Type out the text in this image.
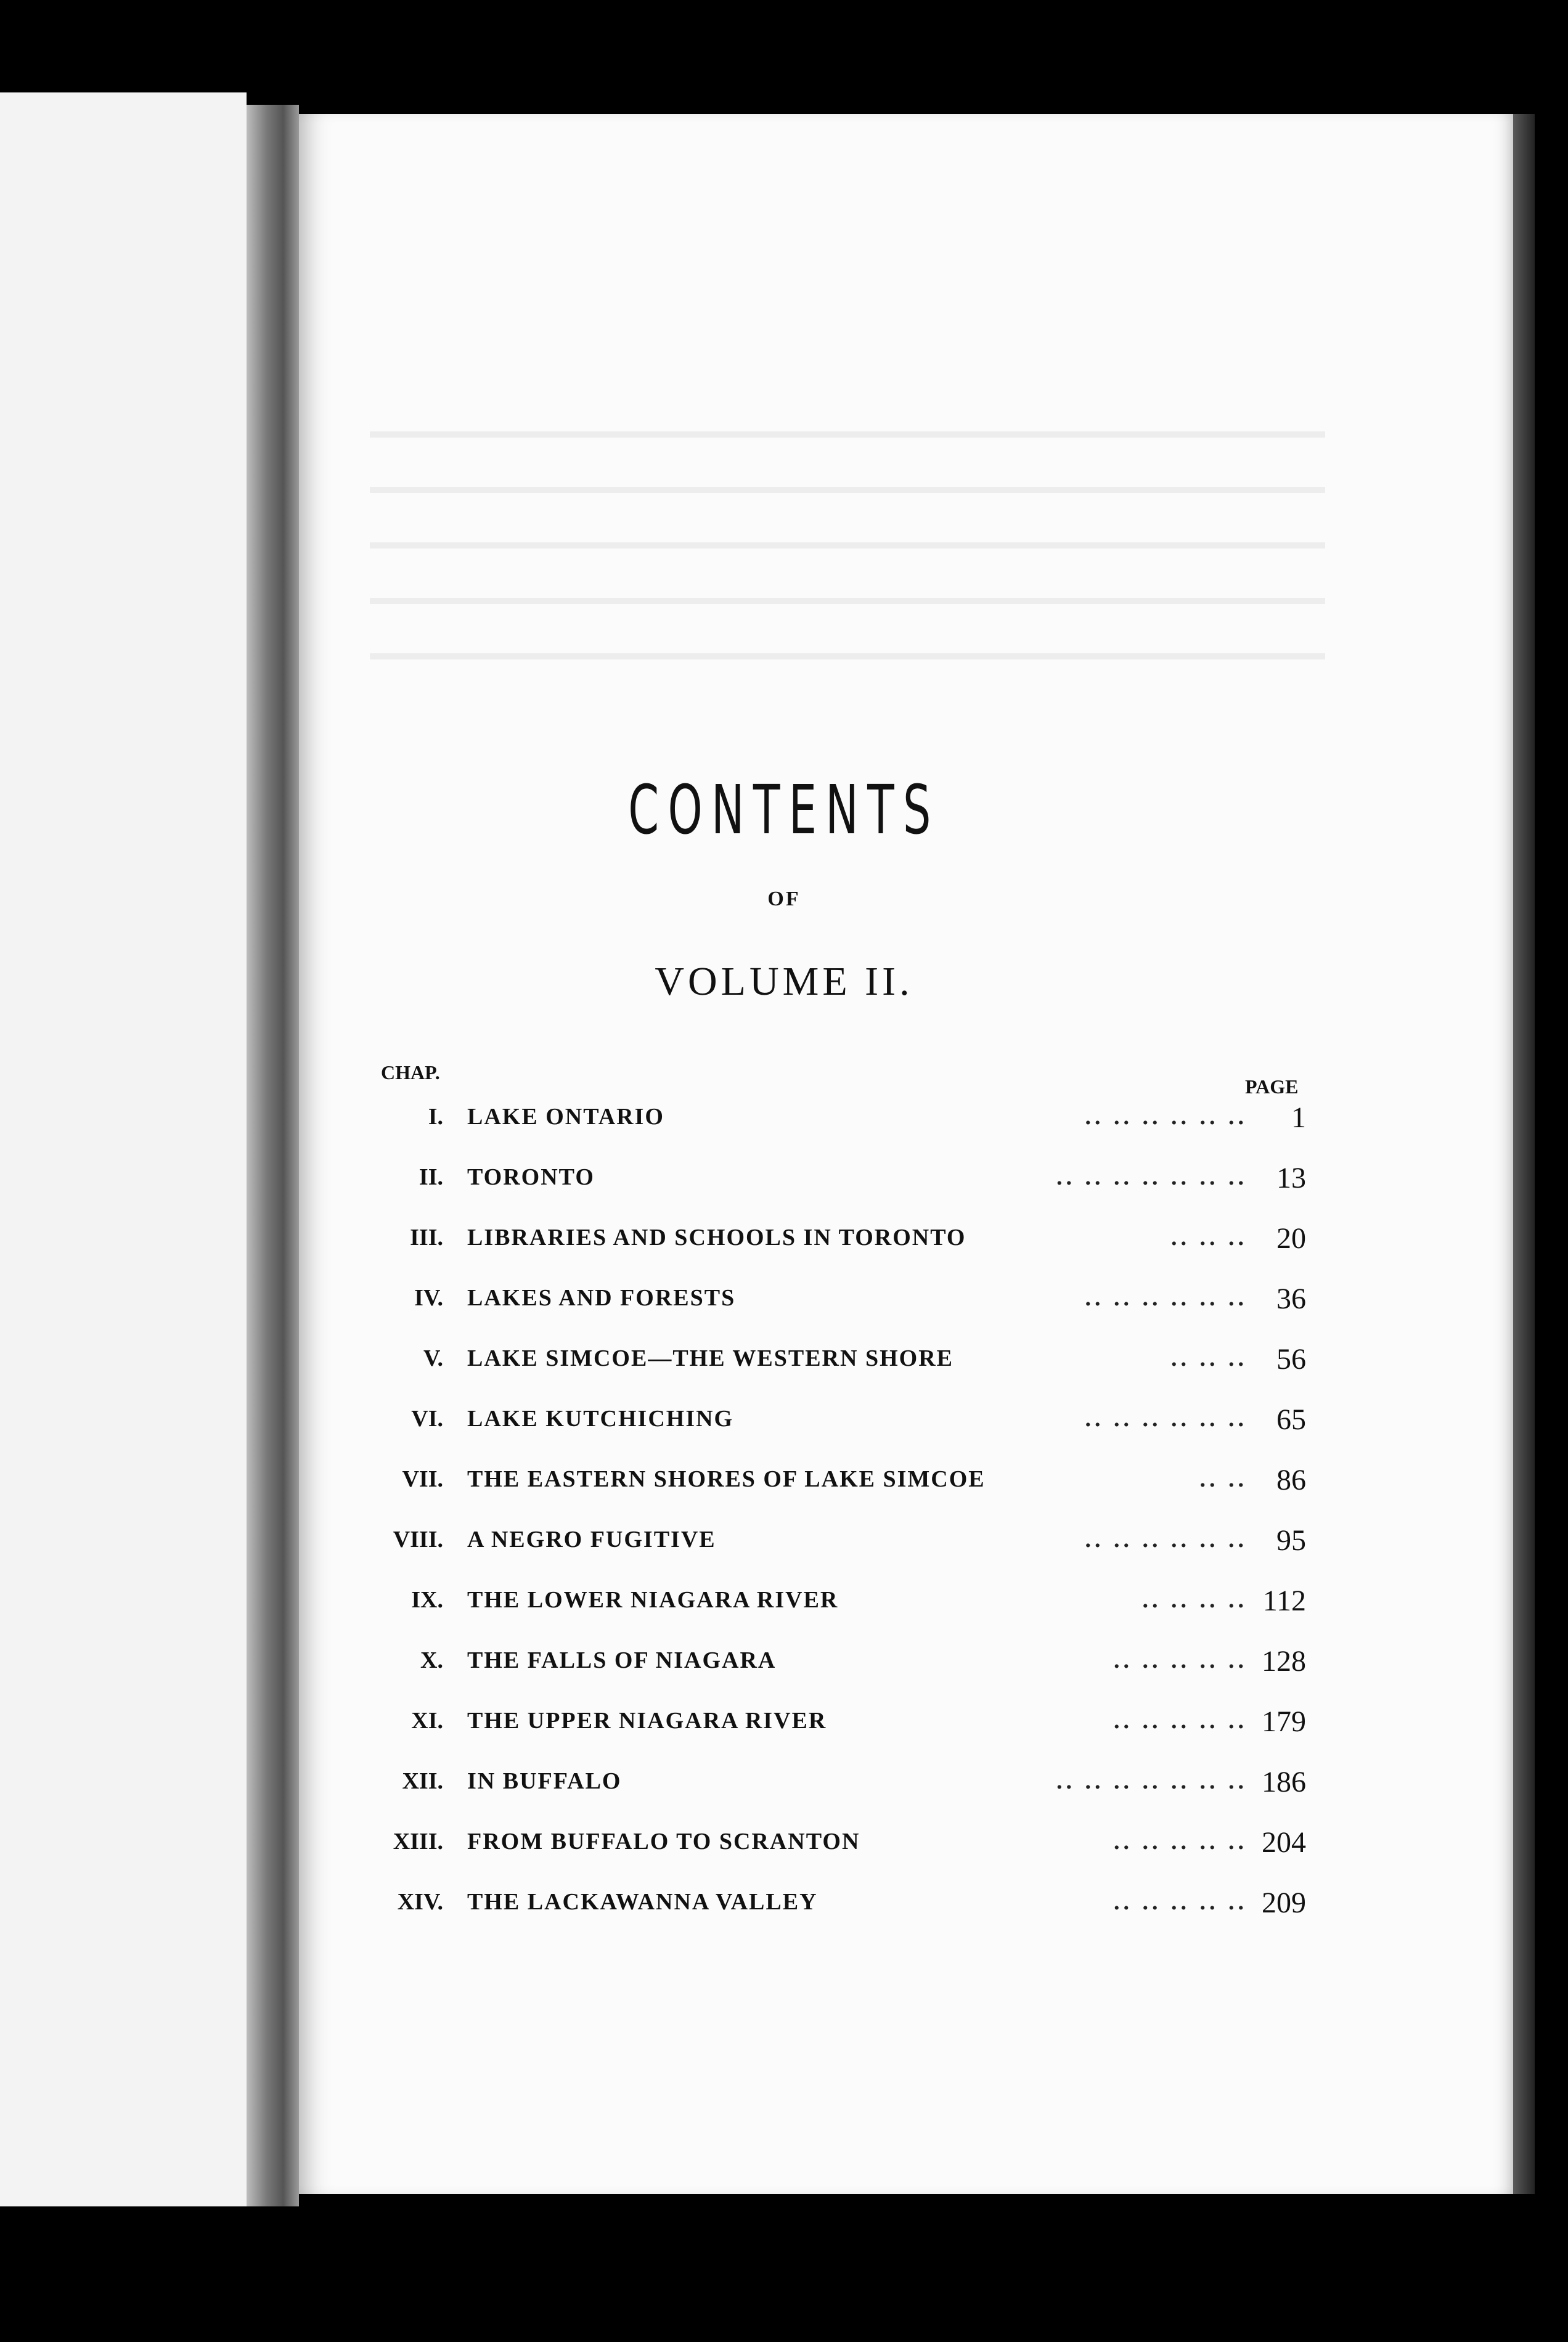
CONTENTS
OF
VOLUME II.
CHAP.
PAGE
I. LAKE ONTARIO	.. .. .. .. .. .. 1
II. TORONTO	.. .. .. .. .. .. .. 13
III. LIBRARIES AND SCHOOLS IN TORONTO	.. .. .. 20
IV. LAKES AND FORESTS	.. .. .. .. .. .. 36
V. LAKE SIMCOE—THE WESTERN SHORE	.. .. .. 56
VI. LAKE KUTCHICHING	.. .. .. .. .. .. 65
VII. THE EASTERN SHORES OF LAKE SIMCOE	.. .. 86
VIII. A NEGRO FUGITIVE	.. .. .. .. .. .. 95
IX. THE LOWER NIAGARA RIVER	.. .. .. .. 112
X. THE FALLS OF NIAGARA	.. .. .. .. .. 128
XI. THE UPPER NIAGARA RIVER	.. .. .. .. .. 179
XII. IN BUFFALO	.. .. .. .. .. .. .. 186
XIII. FROM BUFFALO TO SCRANTON	.. .. .. .. .. 204
XIV. THE LACKAWANNA VALLEY	.. .. .. .. .. 209
